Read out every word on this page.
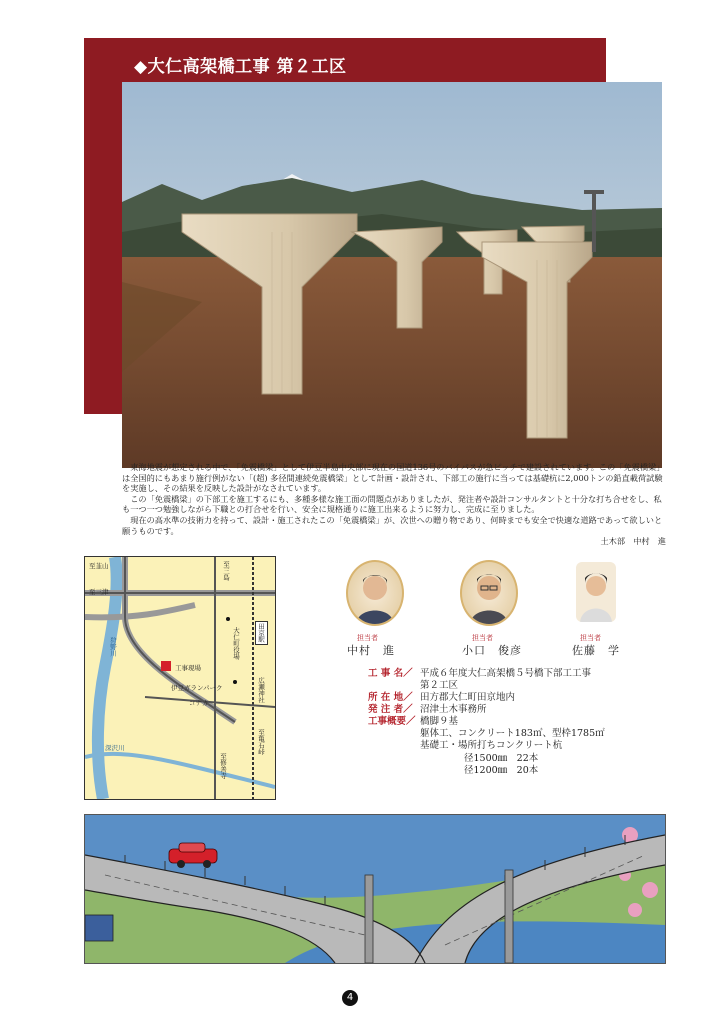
◆大仁高架橋工事 第２工区

東海地震が想定される中で、「免震橋梁」として伊豆半島中央部に現在の国道136号のバイパスが急ピッチで建設されています。この「免震橋梁」は全国的にもあまり施行例がない「(超) 多径間連続免震橋梁」として計画・設計され、下部工の施行に当っては基礎杭に2,000トンの鉛直載荷試験を実施し、その結果を反映した設計がなされています。

この「免震橋梁」の下部工を施工するにも、多種多様な施工面の問題点がありましたが、発注者や設計コンサルタントと十分な打ち合せをし、私も一つ一つ勉強しながら下職との打合せを行い、安全に規格通りに施工出来るように努力し、完成に至りました。

現在の高水準の技術力を持って、設計・施工されたこの「免震橋梁」が、次世への贈り物であり、何時までも安全で快適な道路であって欲しいと願うものです。

土木部　中村　進
至韮山
至三津
至三島
狩野川
田京駅
大仁町役場
工事現場
伊豆ガランパーク
コナカ	広瀬神社
至亀石峠
至修善寺
深沢川
担当者
中村　進
担当者
小口　俊彦
担当者
佐藤　学
工 事 名／ 平成６年度大仁高架橋５号橋下部工工事
第２工区
所 在 地／ 田方郡大仁町田京地内
発 注 者／ 沼津土木事務所
工事概要／ 橋脚９基
躯体工、コンクリート183㎥、型枠1785㎡
基礎工・場所打ちコンクリート杭
径1500㎜　22本
径1200㎜　20本
4
